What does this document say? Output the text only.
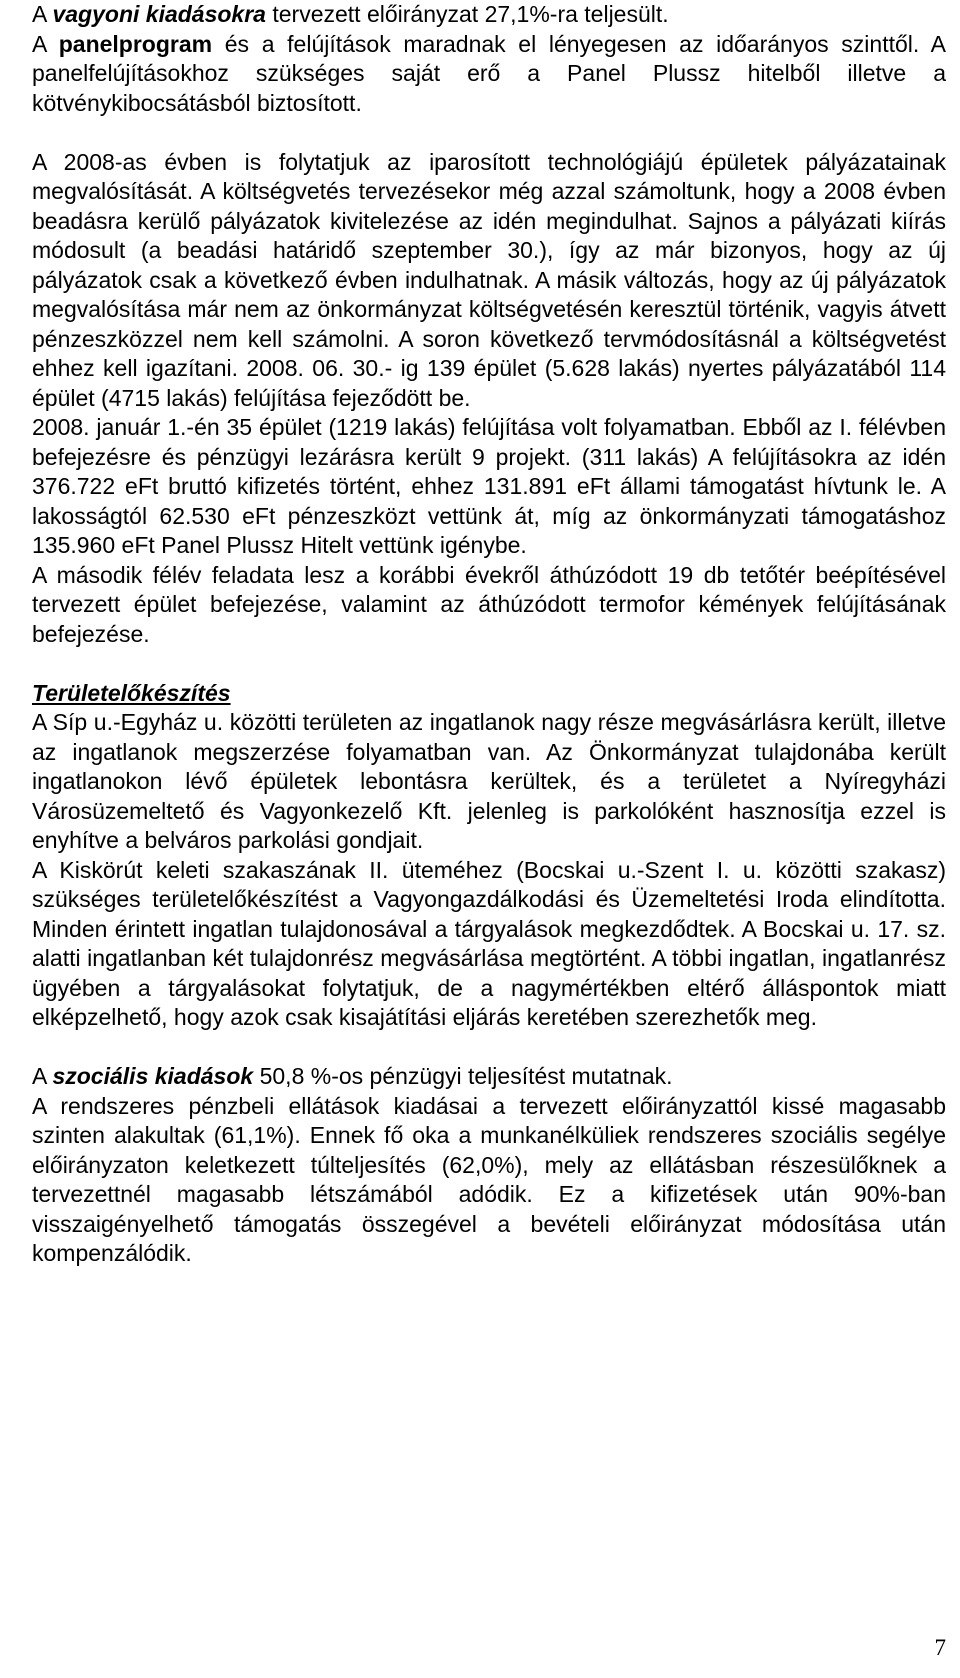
A vagyoni kiadásokra tervezett előirányzat 27,1%-ra teljesült.

A panelprogram és a felújítások maradnak el lényegesen az időarányos szinttől. A panelfelújításokhoz szükséges saját erő a Panel Plussz hitelből illetve a kötvénykibocsátásból biztosított.

A 2008-as évben is folytatjuk az iparosított technológiájú épületek pályázatainak megvalósítását. A költségvetés tervezésekor még azzal számoltunk, hogy a 2008 évben beadásra kerülő pályázatok kivitelezése az idén megindulhat. Sajnos a pályázati kiírás módosult (a beadási határidő szeptember 30.), így az már bizonyos, hogy az új pályázatok csak a következő évben indulhatnak. A másik változás, hogy az új pályázatok megvalósítása már nem az önkormányzat költségvetésén keresztül történik, vagyis átvett pénzeszközzel nem kell számolni. A soron következő tervmódosításnál a költségvetést ehhez kell igazítani. 2008. 06. 30.- ig 139 épület (5.628 lakás) nyertes pályázatából 114 épület (4715 lakás) felújítása fejeződött be.

2008. január 1.-én 35 épület (1219 lakás) felújítása volt folyamatban. Ebből az I. félévben befejezésre és pénzügyi lezárásra került 9 projekt. (311 lakás) A felújításokra az idén 376.722 eFt bruttó kifizetés történt, ehhez 131.891 eFt állami támogatást hívtunk le. A lakosságtól 62.530 eFt pénzeszközt vettünk át, míg az önkormányzati támogatáshoz 135.960 eFt Panel Plussz Hitelt vettünk igénybe.

A második félév feladata lesz a korábbi évekről áthúzódott 19 db tetőtér beépítésével tervezett épület befejezése, valamint az áthúzódott termofor kémények felújításának befejezése.

Területelőkészítés

A Síp u.-Egyház u. közötti területen az ingatlanok nagy része megvásárlásra került, illetve az ingatlanok megszerzése folyamatban van. Az Önkormányzat tulajdonába került ingatlanokon lévő épületek lebontásra kerültek, és a területet a Nyíregyházi Városüzemeltető és Vagyonkezelő Kft. jelenleg is parkolóként hasznosítja ezzel is enyhítve a belváros parkolási gondjait.

A Kiskörút keleti szakaszának II. üteméhez (Bocskai u.-Szent I. u. közötti szakasz) szükséges területelőkészítést a Vagyongazdálkodási és Üzemeltetési Iroda elindította. Minden érintett ingatlan tulajdonosával a tárgyalások megkezdődtek. A Bocskai u. 17. sz. alatti ingatlanban két tulajdonrész megvásárlása megtörtént. A többi ingatlan, ingatlanrész ügyében a tárgyalásokat folytatjuk, de a nagymértékben eltérő álláspontok miatt elképzelhető, hogy azok csak kisajátítási eljárás keretében szerezhetők meg.

A szociális kiadások 50,8 %-os pénzügyi teljesítést mutatnak.

A rendszeres pénzbeli ellátások kiadásai a tervezett előirányzattól kissé magasabb szinten alakultak (61,1%). Ennek fő oka a munkanélküliek rendszeres szociális segélye előirányzaton keletkezett túlteljesítés (62,0%), mely az ellátásban részesülőknek a tervezettnél magasabb létszámából adódik. Ez a kifizetések után 90%-ban visszaigényelhető támogatás összegével a bevételi előirányzat módosítása után kompenzálódik.

7
